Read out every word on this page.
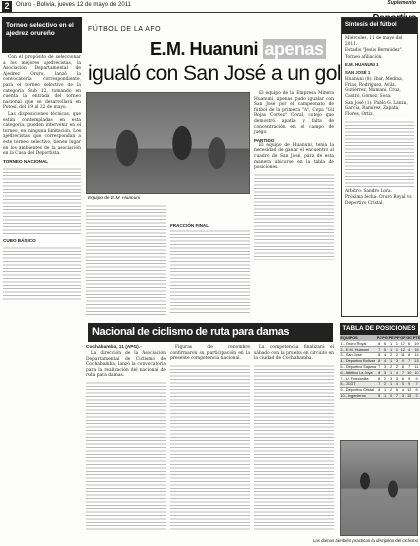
2	Oruro - Bolivia, jueves 12 de mayo de 2011	Suplemento
Torneo selectivo en el ajedrez orureño

Con el propósito de seleccionar a los mejores ajedrecistas, la Asociación Departamental de Ajedrez Oruro, lanzó la convocatoria correspondiente, para el torneo selectivo de la categoría Sub 12, tomando en cuenta la entrada del torneo nacional que se desarrollará en Potosí, del 19 al 22 de mayo.

Las disposiciones técnicas, que están contempladas en esta categoría, pueden intervenir en el torneo, en ninguna limitación. Los ajedrecistas que correspondan a este torneo selectivo, tienen lugar en los ambientes de la asociación en la Casa del Deportista.

TORNEO NACIONAL
CUBO BÁSICO
FÚTBOL DE LA AFO
E.M. Huanuni apenas
igualó con San José a un gol
Equipo de E.M. Huanuni

El equipo de la Empresa Minera Huanuni, apenas pudo igualar con San José por el campeonato de fútbol de la primera "A", Copa "Gil Rojas Cortez" Coral, cotejo que demostró apatía y falta de concentración en el campo de juego.

PARTIDO

El equipo de Huanuni, tenía la necesidad de ganar el encuentro al cuadro de San José, para de esta manera ubicarse en la tabla de posiciones.

FRACCIÓN FINAL
Síntesis del fútbol

Miércoles, 11 de mayo del 2011.

Estadio "Jesús Bermúdez".

Torneo afiliación.

E.M. HUANUNI 1

SAN JOSÉ 1

Huanuni (8): Ibar, Medina, Frías, Rodríguez, Avila, Gutiérrez, Mamani, Cruz, Castro, Gómez, Sosa.

San José (1): Pablo G. Lanza, García, Ramírez, Zapata, Flores, Ortiz.

Arbitro: Sandro Lora.

Próxima fecha: Oruro Royal vs Deportivo Cristal.

Nacional de ciclismo de ruta para damas

Cochabamba, 11 (APG).-

La dirección de la Asociación Departamental de Ciclismo de Cochabamba, lanzó la convocatoria para la realización del nacional de ruta para damas.

Figuras de renombre confirmaron su participación en la presente competencia nacional.

La competencia finalizará el sábado con la prueba en circuito en la ciudad de Cochabamba.

TABLA DE POSICIONES
EQUIPOS	PJ	PG	PE	PP	GF	GC	PTS
1.- Oruro Royal	8	6	1	1	17	6	19
2.- E.M. Huanuni	7	5	1	1	12	4	16
3.- San José	8	4	2	2	11	8	14
4.- Deportivo Bolívar	8	4	1	3	9	7	13
5.- Deportivo Sajama	7	3	2	2	8	7	11
6.- Atlético La Joya	8	3	1	4	7	10	10
7.- U. Frontanilla	8	2	3	3	6	9	9
8.- JCDT	7	2	1	4	5	9	7
9.- Deportivo Cristal	8	1	2	5	4	12	5
10.- Ingenieros	8	1	0	7	3	15	3
Las damas también practican la disciplina del ciclismo
